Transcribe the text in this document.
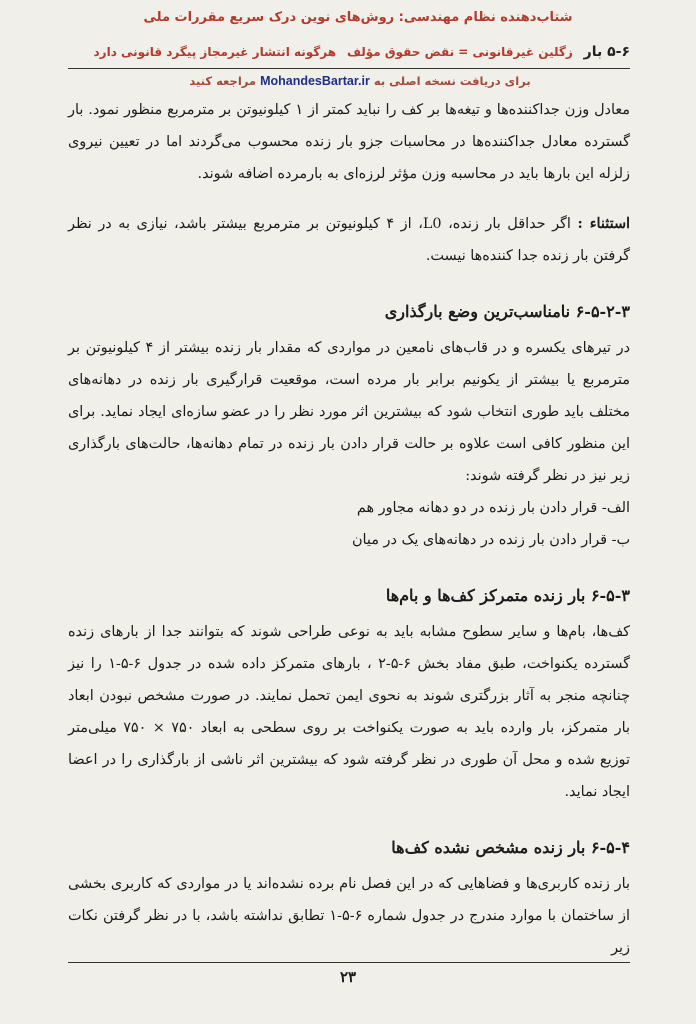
شتاب‌دهنده نظام مهندسی: روش‌های نوین درک سریع مقررات ملی
۵-۶ بار زگلین غیرقانونی = نقض حقوق مؤلف هرگونه انتشار غیرمجاز پیگرد قانونی دارد
برای دریافت نسخه اصلی به MohandesBartar.ir مراجعه کنید

معادل وزن جداکننده‌ها و تیغه‌ها بر کف را نباید کمتر از ۱ کیلونیوتن بر مترمربع منظور نمود. بار گسترده معادل جداکننده‌ها در محاسبات جزو بار زنده محسوب می‌گردند اما در تعیین نیروی زلزله این بارها باید در محاسبه وزن مؤثر لرزه‌ای به بارمرده اضافه شوند.

استثناء : اگر حداقل بار زنده، L0، از ۴ کیلونیوتن بر مترمربع بیشتر باشد، نیازی به در نظر گرفتن بار زنده جدا کننده‌ها نیست.

۶-۵-۲-۳ نامناسب‌ترین وضع بارگذاری

در تیرهای یکسره و در قاب‌های نامعین در مواردی که مقدار بار زنده بیشتر از ۴ کیلونیوتن بر مترمربع یا بیشتر از یکونیم برابر بار مرده است، موقعیت قرارگیری بار زنده در دهانه‌های مختلف باید طوری انتخاب شود که بیشترین اثر مورد نظر را در عضو سازه‌ای ایجاد نماید. برای این منظور کافی است علاوه بر حالت قرار دادن بار زنده در تمام دهانه‌ها، حالت‌های بارگذاری زیر نیز در نظر گرفته شوند:

الف- قرار دادن بار زنده در دو دهانه مجاور هم

ب- قرار دادن بار زنده در دهانه‌های یک در میان

۶-۵-۳ بار زنده متمرکز کف‌ها و بام‌ها

کف‌ها، بام‌ها و سایر سطوح مشابه باید به نوعی طراحی شوند که بتوانند جدا از بارهای زنده گسترده یکنواخت، طبق مفاد بخش ۶-۵-۲ ، بارهای متمرکز داده شده در جدول ۶-۵-۱ را نیز چنانچه منجر به آثار بزرگتری شوند به نحوی ایمن تحمل نمایند. در صورت مشخص نبودن ابعاد بار متمرکز، بار وارده باید به صورت یکنواخت بر روی سطحی به ابعاد ۷۵۰ × ۷۵۰ میلی‌متر توزیع شده و محل آن طوری در نظر گرفته شود که بیشترین اثر ناشی از بارگذاری را در اعضا ایجاد نماید.

۶-۵-۴ بار زنده مشخص نشده کف‌ها

بار زنده کاربری‌ها و فضاهایی که در این فصل نام برده نشده‌اند یا در مواردی که کاربری بخشی از ساختمان با موارد مندرج در جدول شماره ۶-۵-۱ تطابق نداشته باشد، با در نظر گرفتن نکات زیر

۲۳
